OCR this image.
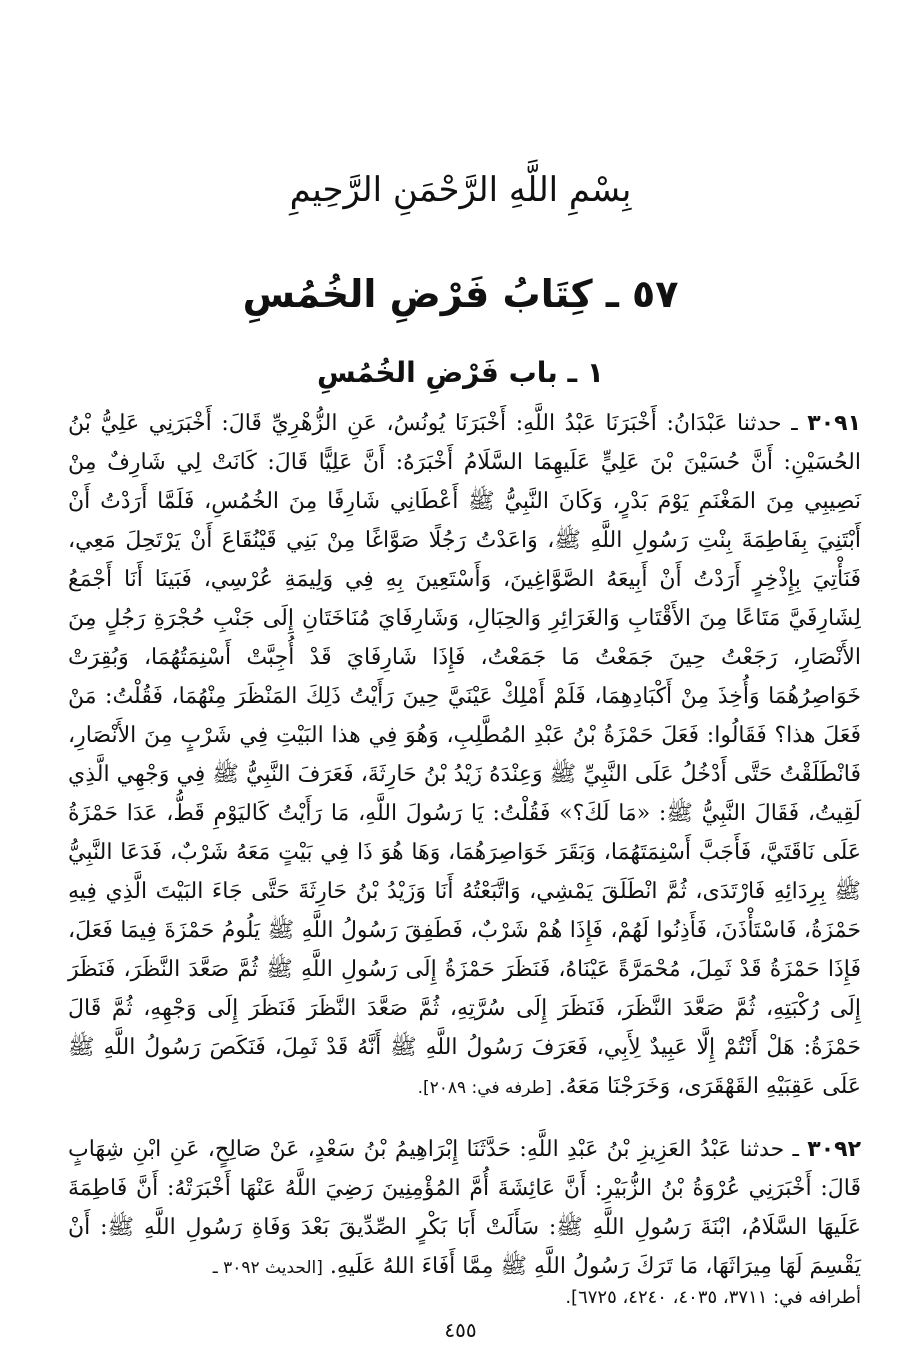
بِسْمِ اللَّهِ الرَّحْمَنِ الرَّحِيمِ
٥٧ ـ كِتَابُ فَرْضِ الخُمُسِ
١ ـ باب فَرْضِ الخُمُسِ
٣٠٩١ ـ حدثنا عَبْدَانُ: أَخْبَرَنَا عَبْدُ اللَّهِ: أَخْبَرَنَا يُونُسُ، عَنِ الزُّهْرِيِّ قَالَ: أَخْبَرَنِي عَلِيُّ بْنُ الحُسَيْنِ: أَنَّ حُسَيْنَ بْنَ عَلِيٍّ عَلَيهِمَا السَّلَامُ أَخْبَرَهُ: أَنَّ عَلِيًّا قَالَ: كَانَتْ لِي شَارِفٌ مِنْ نَصِيبِي مِنَ المَغْنَمِ يَوْمَ بَدْرٍ، وَكَانَ النَّبِيُّ ﷺ أَعْطَانِي شَارِفًا مِنَ الخُمُسِ، فَلَمَّا أَرَدْتُ أَنْ أَبْتَنِيَ بِفَاطِمَةَ بِنْتِ رَسُولِ اللَّهِ ﷺ، وَاعَدْتُ رَجُلًا صَوَّاغًا مِنْ بَنِي قَيْنُقَاعَ أَنْ يَرْتَحِلَ مَعِي، فَنَأْتِيَ بِإِذْخِرٍ أَرَدْتُ أَنْ أَبِيعَهُ الصَّوَّاغِينَ، وَأَسْتَعِينَ بِهِ فِي وَلِيمَةِ عُرْسِي، فَبَينَا أَنَا أَجْمَعُ لِشَارِفَيَّ مَتَاعًا مِنَ الأَقْتَابِ وَالغَرَائِرِ وَالحِبَالِ، وَشَارِفَايَ مُنَاخَتَانِ إِلَى جَنْبِ حُجْرَةِ رَجُلٍ مِنَ الأَنْصَارِ، رَجَعْتُ حِينَ جَمَعْتُ مَا جَمَعْتُ، فَإِذَا شَارِفَايَ قَدْ أُجِبَّتْ أَسْنِمَتُهُمَا، وَبُقِرَتْ خَوَاصِرُهُمَا وَأُخِذَ مِنْ أَكْبَادِهِمَا، فَلَمْ أَمْلِكْ عَيْنَيَّ حِينَ رَأَيْتُ ذَلِكَ المَنْظَرَ مِنْهُمَا، فَقُلْتُ: مَنْ فَعَلَ هذا؟ فَقَالُوا: فَعَلَ حَمْزَةُ بْنُ عَبْدِ المُطَّلِبِ، وَهُوَ فِي هذا البَيْتِ فِي شَرْبٍ مِنَ الأَنْصَارِ، فَانْطَلَقْتُ حَتَّى أَدْخُلُ عَلَى النَّبِيِّ ﷺ وَعِنْدَهُ زَيْدُ بْنُ حَارِثَةَ، فَعَرَفَ النَّبِيُّ ﷺ فِي وَجْهِي الَّذِي لَقِيتُ، فَقَالَ النَّبِيُّ ﷺ: «مَا لَكَ؟» فَقُلْتُ: يَا رَسُولَ اللَّهِ، مَا رَأَيْتُ كَاليَوْمِ قَطُّ، عَدَا حَمْزَةُ عَلَى نَاقَتَيَّ، فَأَجَبَّ أَسْنِمَتَهُمَا، وَبَقَرَ خَوَاصِرَهُمَا، وَهَا هُوَ ذَا فِي بَيْتٍ مَعَهُ شَرْبٌ، فَدَعَا النَّبِيُّ ﷺ بِرِدَائِهِ فَارْتَدَى، ثُمَّ انْطَلَقَ يَمْشِي، وَاتَّبَعْتُهُ أَنَا وَزَيْدُ بْنُ حَارِثَةَ حَتَّى جَاءَ البَيْتَ الَّذِي فِيهِ حَمْزَةُ، فَاسْتَأْذَنَ، فَأَذِنُوا لَهُمْ، فَإِذَا هُمْ شَرْبٌ، فَطَفِقَ رَسُولُ اللَّهِ ﷺ يَلُومُ حَمْزَةَ فِيمَا فَعَلَ، فَإِذَا حَمْزَةُ قَدْ ثَمِلَ، مُحْمَرَّةً عَيْنَاهُ، فَنَظَرَ حَمْزَةُ إِلَى رَسُولِ اللَّهِ ﷺ ثُمَّ صَعَّدَ النَّظَرَ، فَنَظَرَ إِلَى رُكْبَتِهِ، ثُمَّ صَعَّدَ النَّظَرَ، فَنَظَرَ إِلَى سُرَّتِهِ، ثُمَّ صَعَّدَ النَّظَرَ فَنَظَرَ إِلَى وَجْهِهِ، ثُمَّ قَالَ حَمْزَةُ: هَلْ أَنْتُمْ إِلَّا عَبِيدٌ لِأَبِي، فَعَرَفَ رَسُولُ اللَّهِ ﷺ أَنَّهُ قَدْ ثَمِلَ، فَنَكَصَ رَسُولُ اللَّهِ ﷺ عَلَى عَقِبَيْهِ القَهْقَرَى، وَخَرَجْنَا مَعَهُ. [طرفه في: ٢٠٨٩].
٣٠٩٢ ـ حدثنا عَبْدُ العَزِيزِ بْنُ عَبْدِ اللَّهِ: حَدَّثَنَا إِبْرَاهِيمُ بْنُ سَعْدٍ، عَنْ صَالِحٍ، عَنِ ابْنِ شِهَابٍ قَالَ: أَخْبَرَنِي عُرْوَةُ بْنُ الزُّبَيْرِ: أَنَّ عَائِشَةَ أُمَّ المُؤْمِنِينَ رَضِيَ اللَّهُ عَنْهَا أَخْبَرَتْهُ: أَنَّ فَاطِمَةَ عَلَيهَا السَّلَامُ، ابْنَةَ رَسُولِ اللَّهِ ﷺ: سَأَلَتْ أَبَا بَكْرٍ الصِّدِّيقَ بَعْدَ وَفَاةِ رَسُولِ اللَّهِ ﷺ: أَنْ يَقْسِمَ لَهَا مِيرَاثَهَا، مَا تَرَكَ رَسُولُ اللَّهِ ﷺ مِمَّا أَفَاءَ اللهُ عَلَيهِ. [الحديث ٣٠٩٢ ـ
أطرافه في: ٣٧١١، ٤٠٣٥، ٤٢٤٠، ٦٧٢٥].
٤٥٥
